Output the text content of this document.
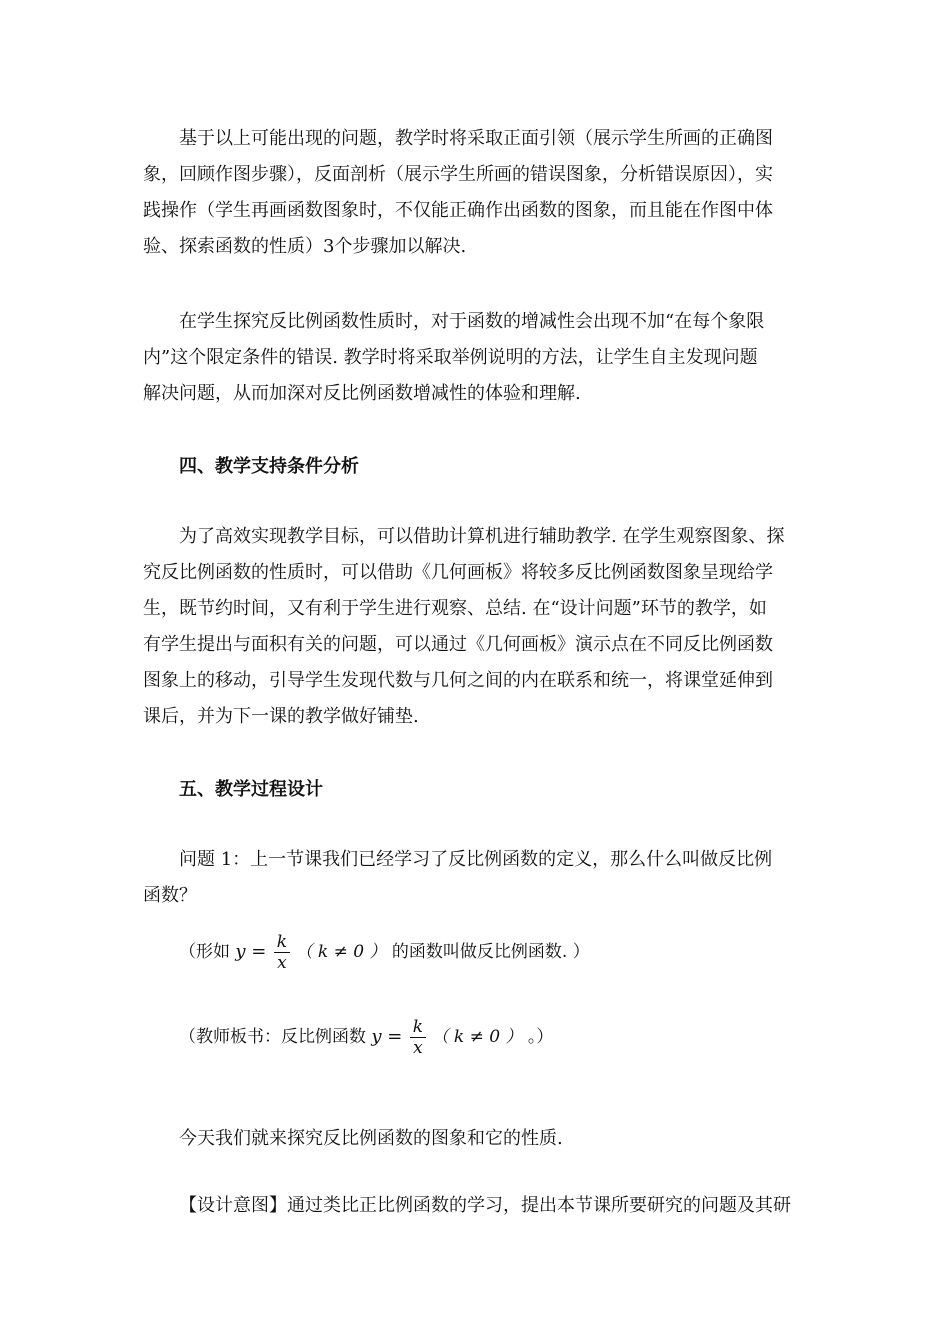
基于以上可能出现的问题，教学时将采取正面引领（展示学生所画的正确图
象，回顾作图步骤），反面剖析（展示学生所画的错误图象，分析错误原因），实
践操作（学生再画函数图象时，不仅能正确作出函数的图象，而且能在作图中体
验、探索函数的性质）3个步骤加以解决.
在学生探究反比例函数性质时，对于函数的增减性会出现不加“在每个象限
内”这个限定条件的错误. 教学时将采取举例说明的方法，让学生自主发现问题
解决问题，从而加深对反比例函数增减性的体验和理解.
四、教学支持条件分析
为了高效实现教学目标，可以借助计算机进行辅助教学. 在学生观察图象、探
究反比例函数的性质时，可以借助《几何画板》将较多反比例函数图象呈现给学
生，既节约时间，又有利于学生进行观察、总结. 在“设计问题”环节的教学，如
有学生提出与面积有关的问题，可以通过《几何画板》演示点在不同反比例函数
图象上的移动，引导学生发现代数与几何之间的内在联系和统一，将课堂延伸到
课后，并为下一课的教学做好铺垫.
五、教学过程设计
问题 1：上一节课我们已经学习了反比例函数的定义，那么什么叫做反比例
函数？
（形如 $y = \frac{k}{x}$ （ k ≠ 0 ） 的函数叫做反比例函数. ）
（教师板书：反比例函数 $y = \frac{k}{x}$ （ k ≠ 0 ） 。）
今天我们就来探究反比例函数的图象和它的性质.
【设计意图】通过类比正比例函数的学习，提出本节课所要研究的问题及其研
